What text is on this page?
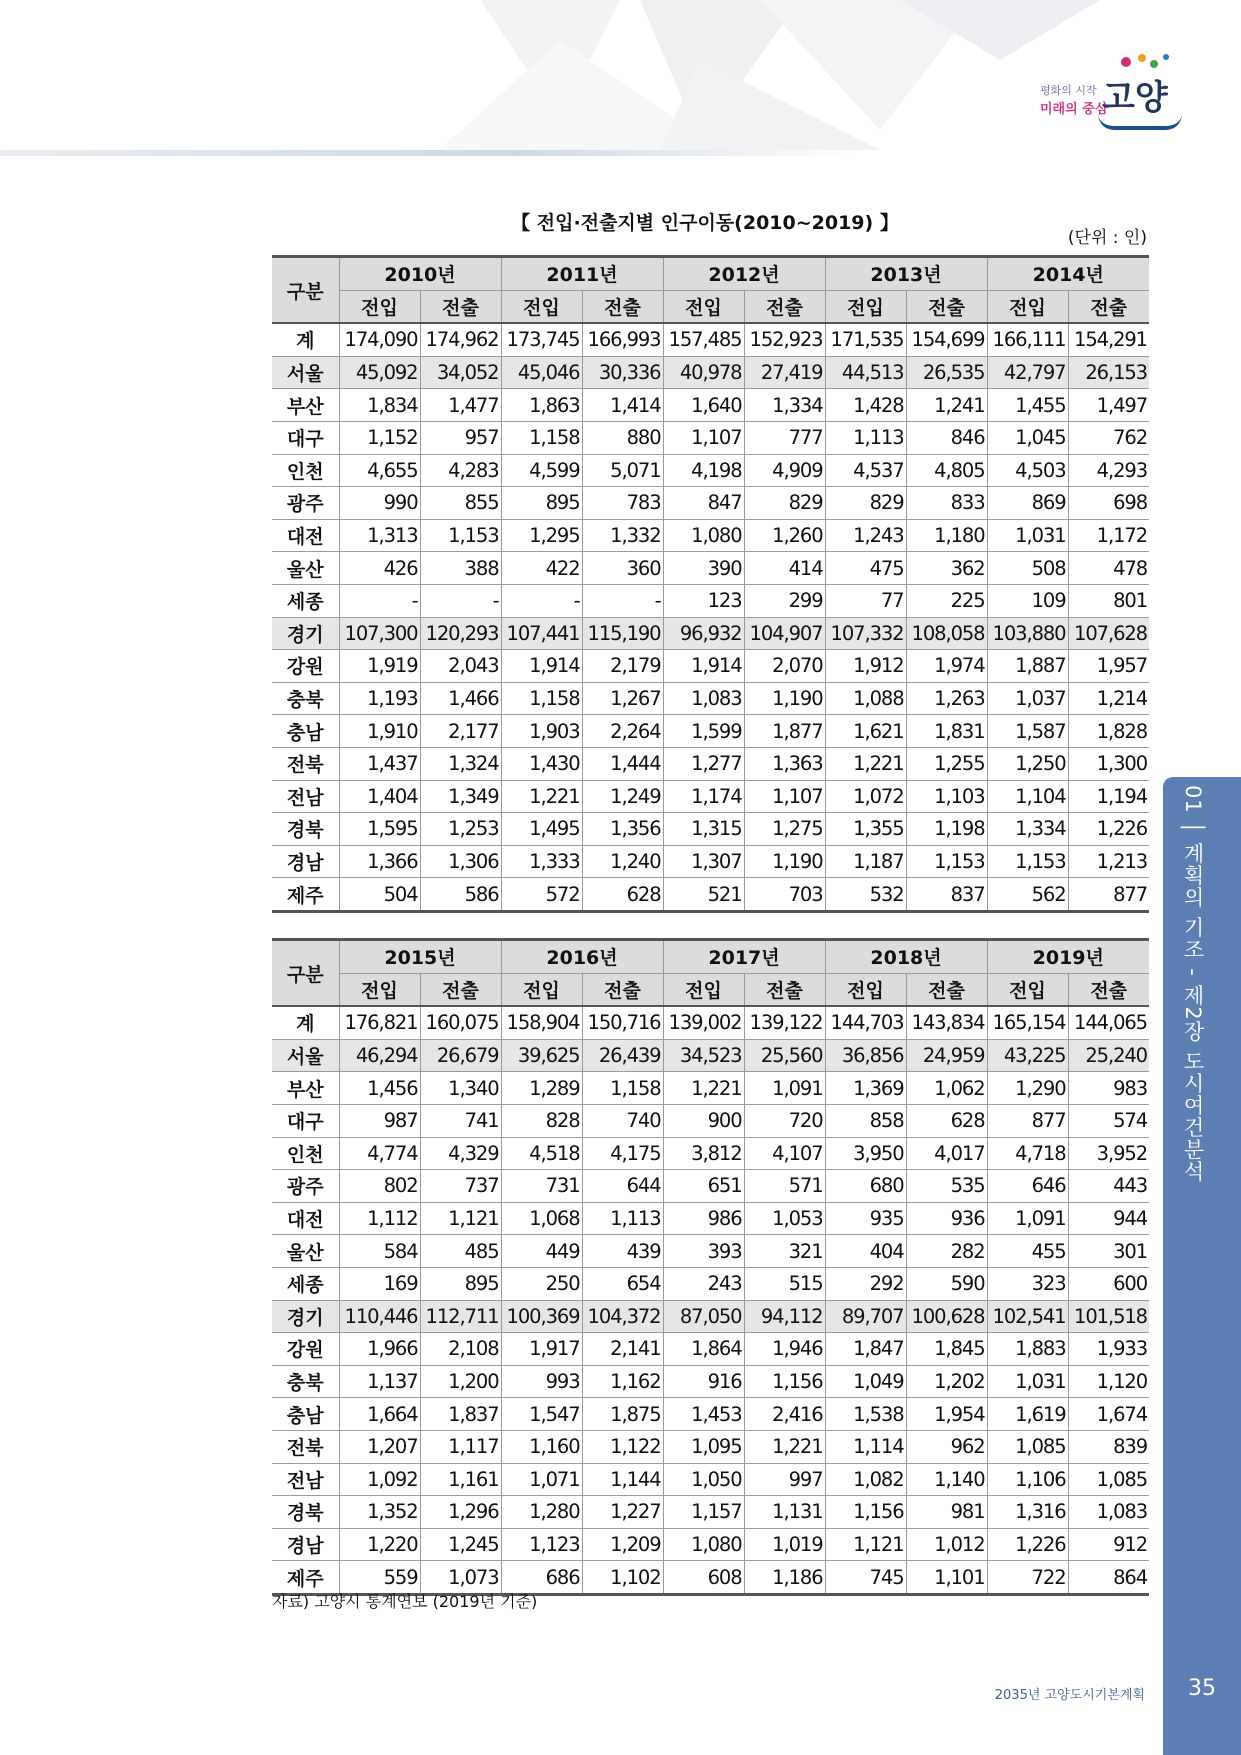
평화의 시작
미래의 중심
고양
【 전입·전출지별 인구이동(2010~2019) 】
(단위 : 인)
구분	2010년		2011년		2012년		2013년		2014년	
	전입	전출	전입	전출	전입	전출	전입	전출	전입	전출
계	174,090	174,962	173,745	166,993	157,485	152,923	171,535	154,699	166,111	154,291
서울	45,092	34,052	45,046	30,336	40,978	27,419	44,513	26,535	42,797	26,153
부산	1,834	1,477	1,863	1,414	1,640	1,334	1,428	1,241	1,455	1,497
대구	1,152	957	1,158	880	1,107	777	1,113	846	1,045	762
인천	4,655	4,283	4,599	5,071	4,198	4,909	4,537	4,805	4,503	4,293
광주	990	855	895	783	847	829	829	833	869	698
대전	1,313	1,153	1,295	1,332	1,080	1,260	1,243	1,180	1,031	1,172
울산	426	388	422	360	390	414	475	362	508	478
세종	-	-	-	-	123	299	77	225	109	801
경기	107,300	120,293	107,441	115,190	96,932	104,907	107,332	108,058	103,880	107,628
강원	1,919	2,043	1,914	2,179	1,914	2,070	1,912	1,974	1,887	1,957
충북	1,193	1,466	1,158	1,267	1,083	1,190	1,088	1,263	1,037	1,214
충남	1,910	2,177	1,903	2,264	1,599	1,877	1,621	1,831	1,587	1,828
전북	1,437	1,324	1,430	1,444	1,277	1,363	1,221	1,255	1,250	1,300
전남	1,404	1,349	1,221	1,249	1,174	1,107	1,072	1,103	1,104	1,194
경북	1,595	1,253	1,495	1,356	1,315	1,275	1,355	1,198	1,334	1,226
경남	1,366	1,306	1,333	1,240	1,307	1,190	1,187	1,153	1,153	1,213
제주	504	586	572	628	521	703	532	837	562	877
구분	2015년		2016년		2017년		2018년		2019년	
	전입	전출	전입	전출	전입	전출	전입	전출	전입	전출
계	176,821	160,075	158,904	150,716	139,002	139,122	144,703	143,834	165,154	144,065
서울	46,294	26,679	39,625	26,439	34,523	25,560	36,856	24,959	43,225	25,240
부산	1,456	1,340	1,289	1,158	1,221	1,091	1,369	1,062	1,290	983
대구	987	741	828	740	900	720	858	628	877	574
인천	4,774	4,329	4,518	4,175	3,812	4,107	3,950	4,017	4,718	3,952
광주	802	737	731	644	651	571	680	535	646	443
대전	1,112	1,121	1,068	1,113	986	1,053	935	936	1,091	944
울산	584	485	449	439	393	321	404	282	455	301
세종	169	895	250	654	243	515	292	590	323	600
경기	110,446	112,711	100,369	104,372	87,050	94,112	89,707	100,628	102,541	101,518
강원	1,966	2,108	1,917	2,141	1,864	1,946	1,847	1,845	1,883	1,933
충북	1,137	1,200	993	1,162	916	1,156	1,049	1,202	1,031	1,120
충남	1,664	1,837	1,547	1,875	1,453	2,416	1,538	1,954	1,619	1,674
전북	1,207	1,117	1,160	1,122	1,095	1,221	1,114	962	1,085	839
전남	1,092	1,161	1,071	1,144	1,050	997	1,082	1,140	1,106	1,085
경북	1,352	1,296	1,280	1,227	1,157	1,131	1,156	981	1,316	1,083
경남	1,220	1,245	1,123	1,209	1,080	1,019	1,121	1,012	1,226	912
제주	559	1,073	686	1,102	608	1,186	745	1,101	722	864
자료) 고양시 통계연보 (2019년 기준)
01 │ 계획의 기조 - 제2장 도시여건분석
35
2035년 고양도시기본계획
